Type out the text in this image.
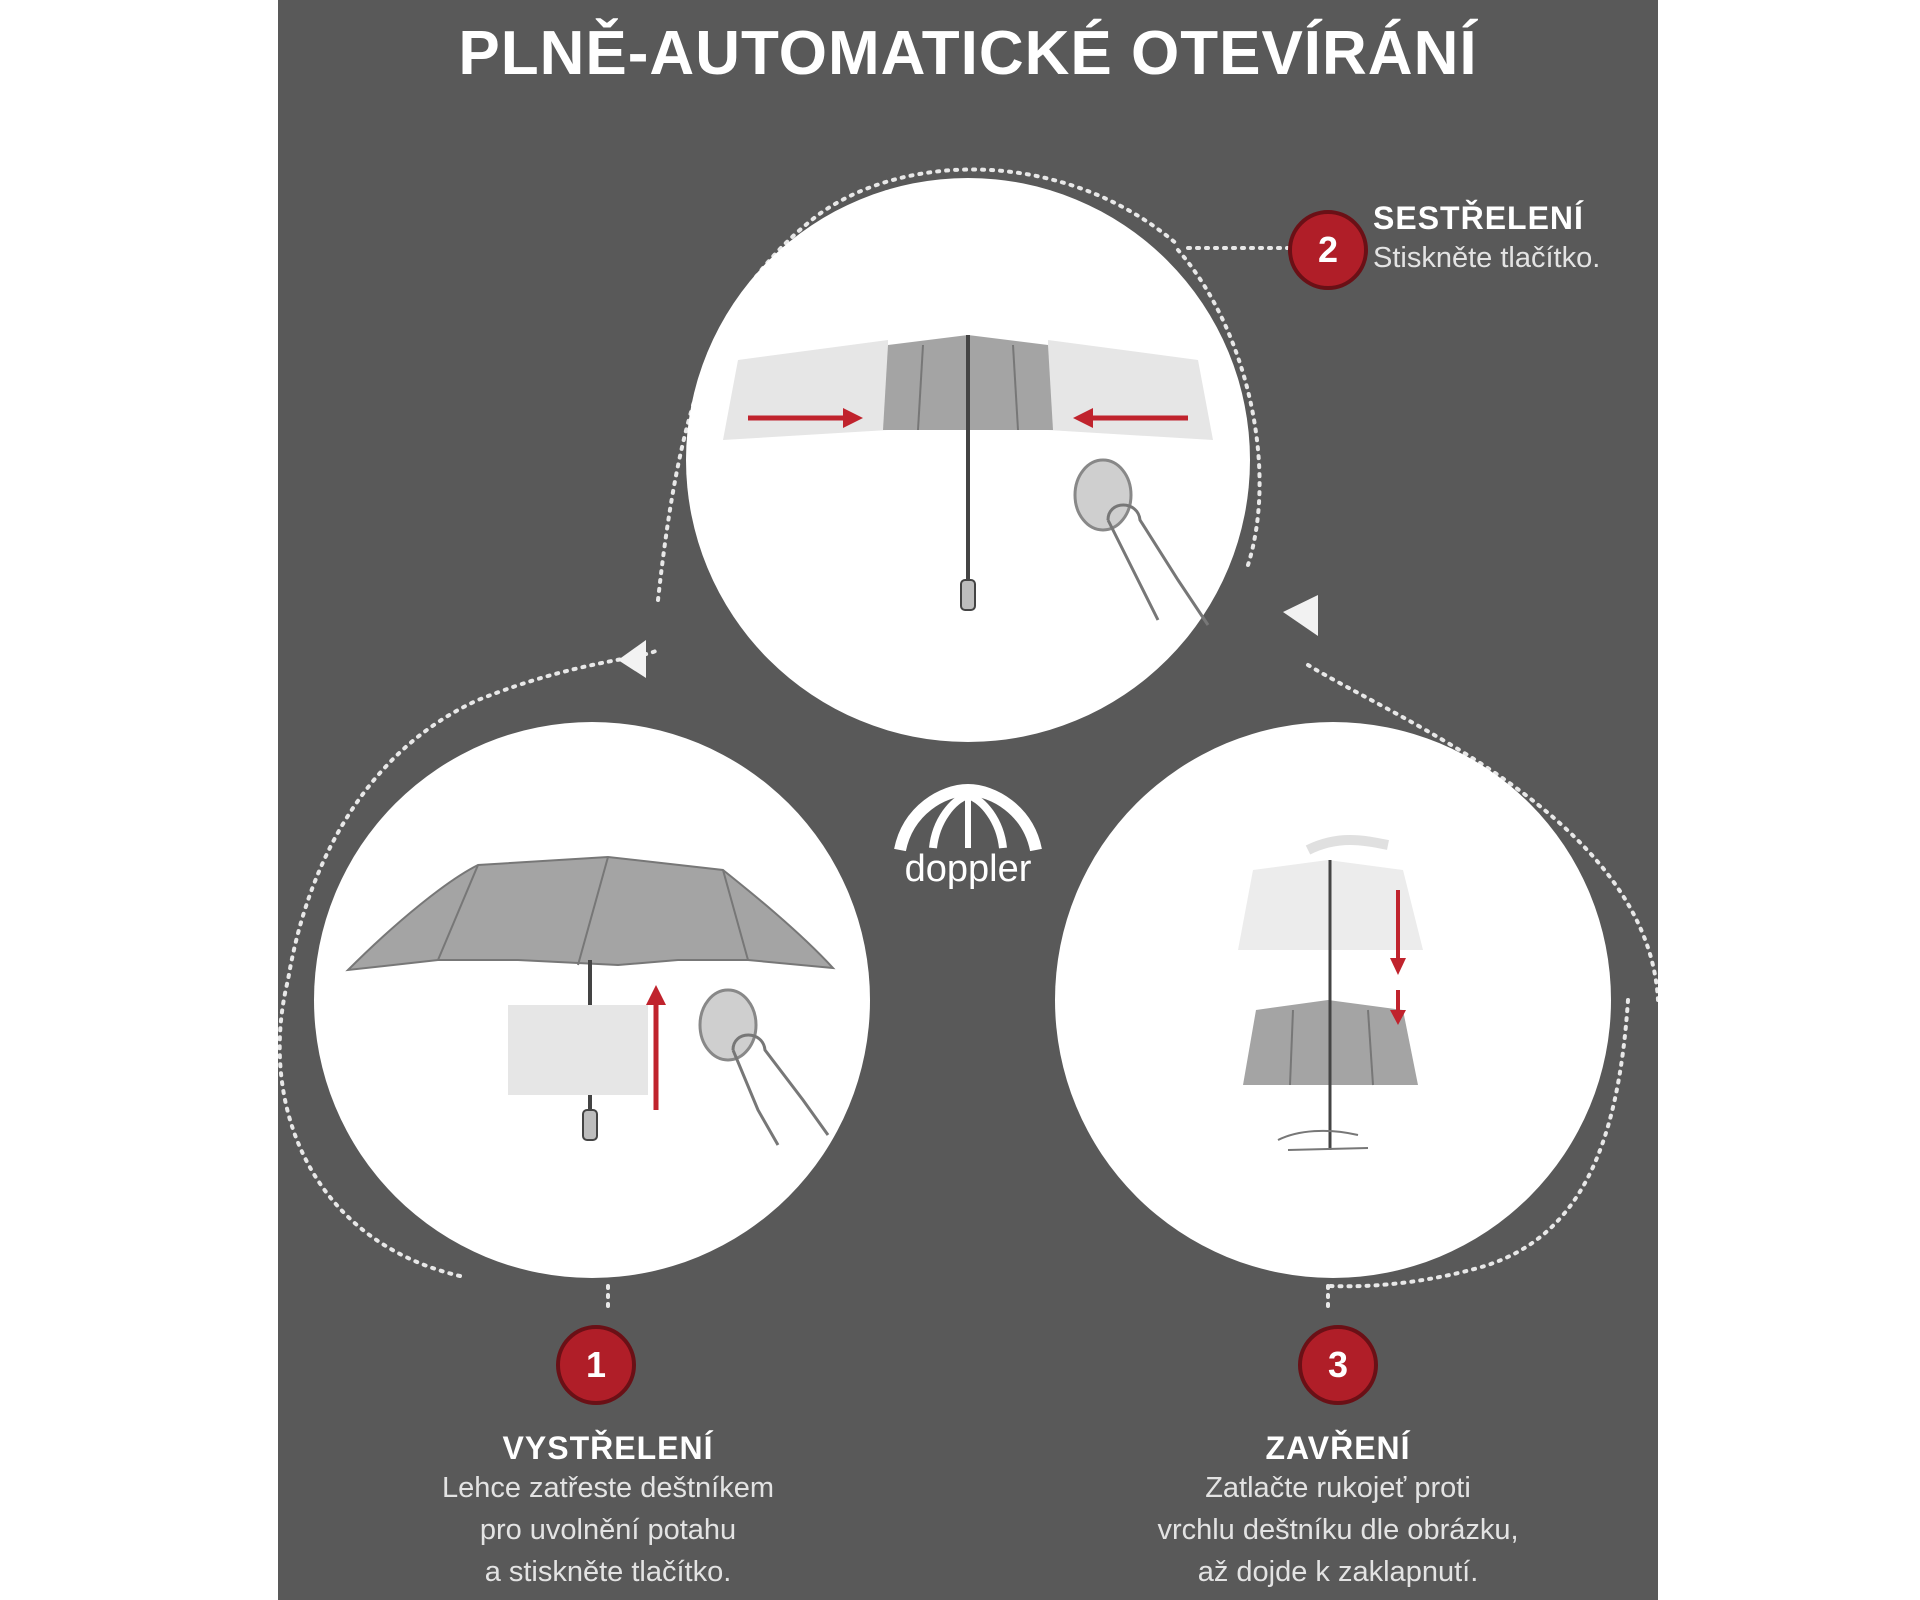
PLNĚ-AUTOMATICKÉ OTEVÍRÁNÍ
doppler
2
SESTŘELENÍ
Stiskněte tlačítko.
1
VYSTŘELENÍ
Lehce zatřeste deštníkem
pro uvolnění potahu
a stiskněte tlačítko.
3
ZAVŘENÍ
Zatlačte rukojeť proti
vrchlu deštníku dle obrázku,
až dojde k zaklapnutí.
